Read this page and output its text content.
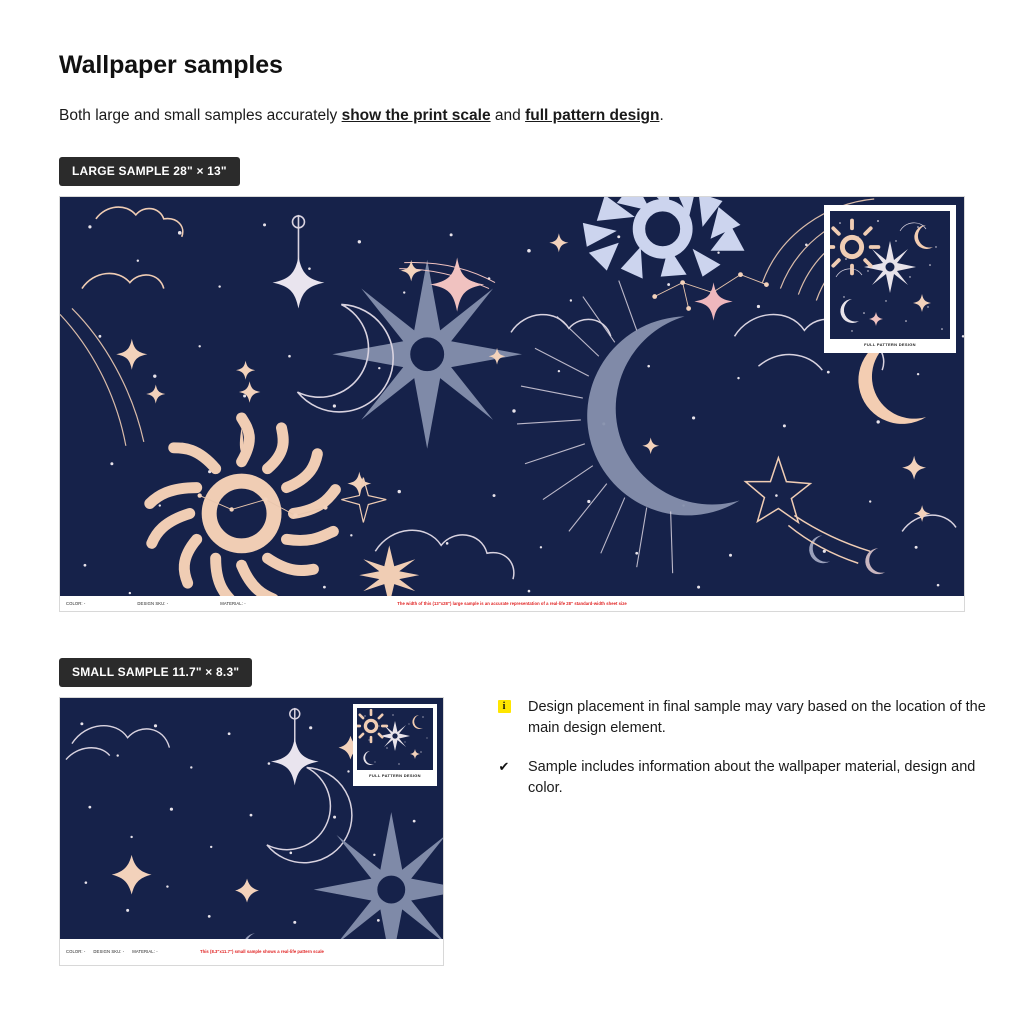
Wallpaper samples
Both large and small samples accurately show the print scale and full pattern design.
LARGE SAMPLE 28" × 13"
FULL PATTERN DESIGN
COLOR: -	DESIGN SKU: -	MATERIAL: -	The width of this (13"x28") large sample is an accurate representation of a real-life 28" standard-width sheet size
SMALL SAMPLE 11.7" × 8.3"
FULL PATTERN DESIGN
COLOR: - DESIGN SKU: - MATERIAL: -	This (8.3"x11.7") small sample shows a real-life pattern scale
i	Design placement in final sample may vary based on the location of the main design element.
✔ Sample includes information about the wallpaper material, design and color.
